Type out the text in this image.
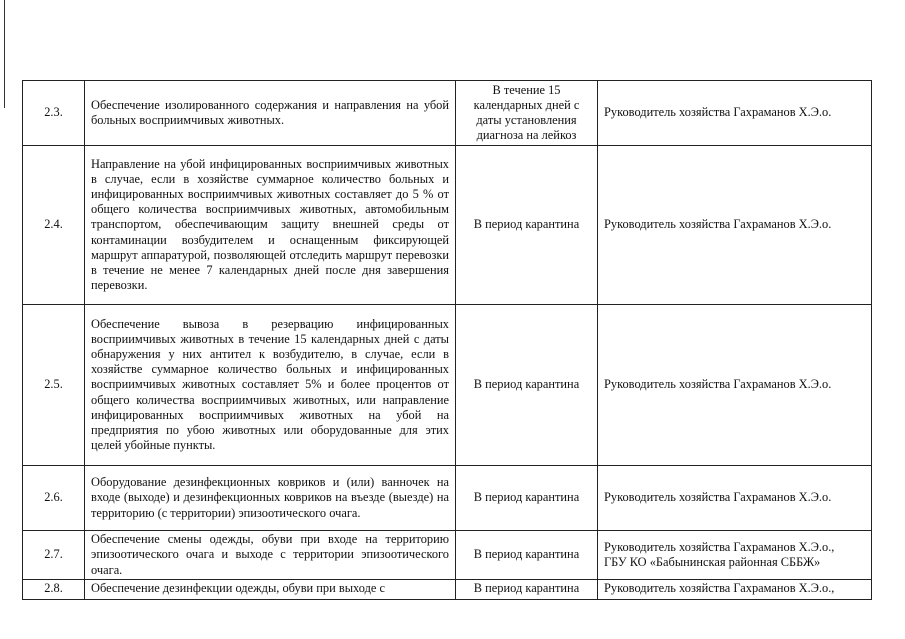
2.3.	Обеспечение изолированного содержания и направления на убой больных восприимчивых животных.	В течение 15 календарных дней с даты установления диагноза на лейкоз	Руководитель хозяйства Гахраманов Х.Э.о.

2.4.	Направление на убой инфицированных восприимчивых животных в случае, если в хозяйстве суммарное количество больных и инфицированных восприимчивых животных составляет до 5 % от общего количества восприимчивых животных, автомобильным транспортом, обеспечивающим защиту внешней среды от контаминации возбудителем и оснащенным фиксирующей маршрут аппаратурой, позволяющей отследить маршрут перевозки в течение не менее 7 календарных дней после дня завершения перевозки.	В период карантина	Руководитель хозяйства Гахраманов Х.Э.о.

2.5.	Обеспечение вывоза в резервацию инфицированных восприимчивых животных в течение 15 календарных дней с даты обнаружения у них антител к возбудителю, в случае, если в хозяйстве суммарное количество больных и инфицированных восприимчивых животных составляет 5% и более процентов от общего количества восприимчивых животных, или направление инфицированных восприимчивых животных на убой на предприятия по убою животных или оборудованные для этих целей убойные пункты.	В период карантина	Руководитель хозяйства Гахраманов Х.Э.о.

2.6.	Оборудование дезинфекционных ковриков и (или) ванночек на входе (выходе) и дезинфекционных ковриков на въезде (выезде) на территорию (с территории) эпизоотического очага.	В период карантина	Руководитель хозяйства Гахраманов Х.Э.о.

2.7.	Обеспечение смены одежды, обуви при входе на территорию эпизоотического очага и выходе с территории эпизоотического очага.	В период карантина	Руководитель хозяйства Гахраманов Х.Э.о.,
ГБУ КО «Бабынинская районная СББЖ»

2.8.	Обеспечение дезинфекции одежды, обуви при выходе с	В период карантина	Руководитель хозяйства Гахраманов Х.Э.о.,
